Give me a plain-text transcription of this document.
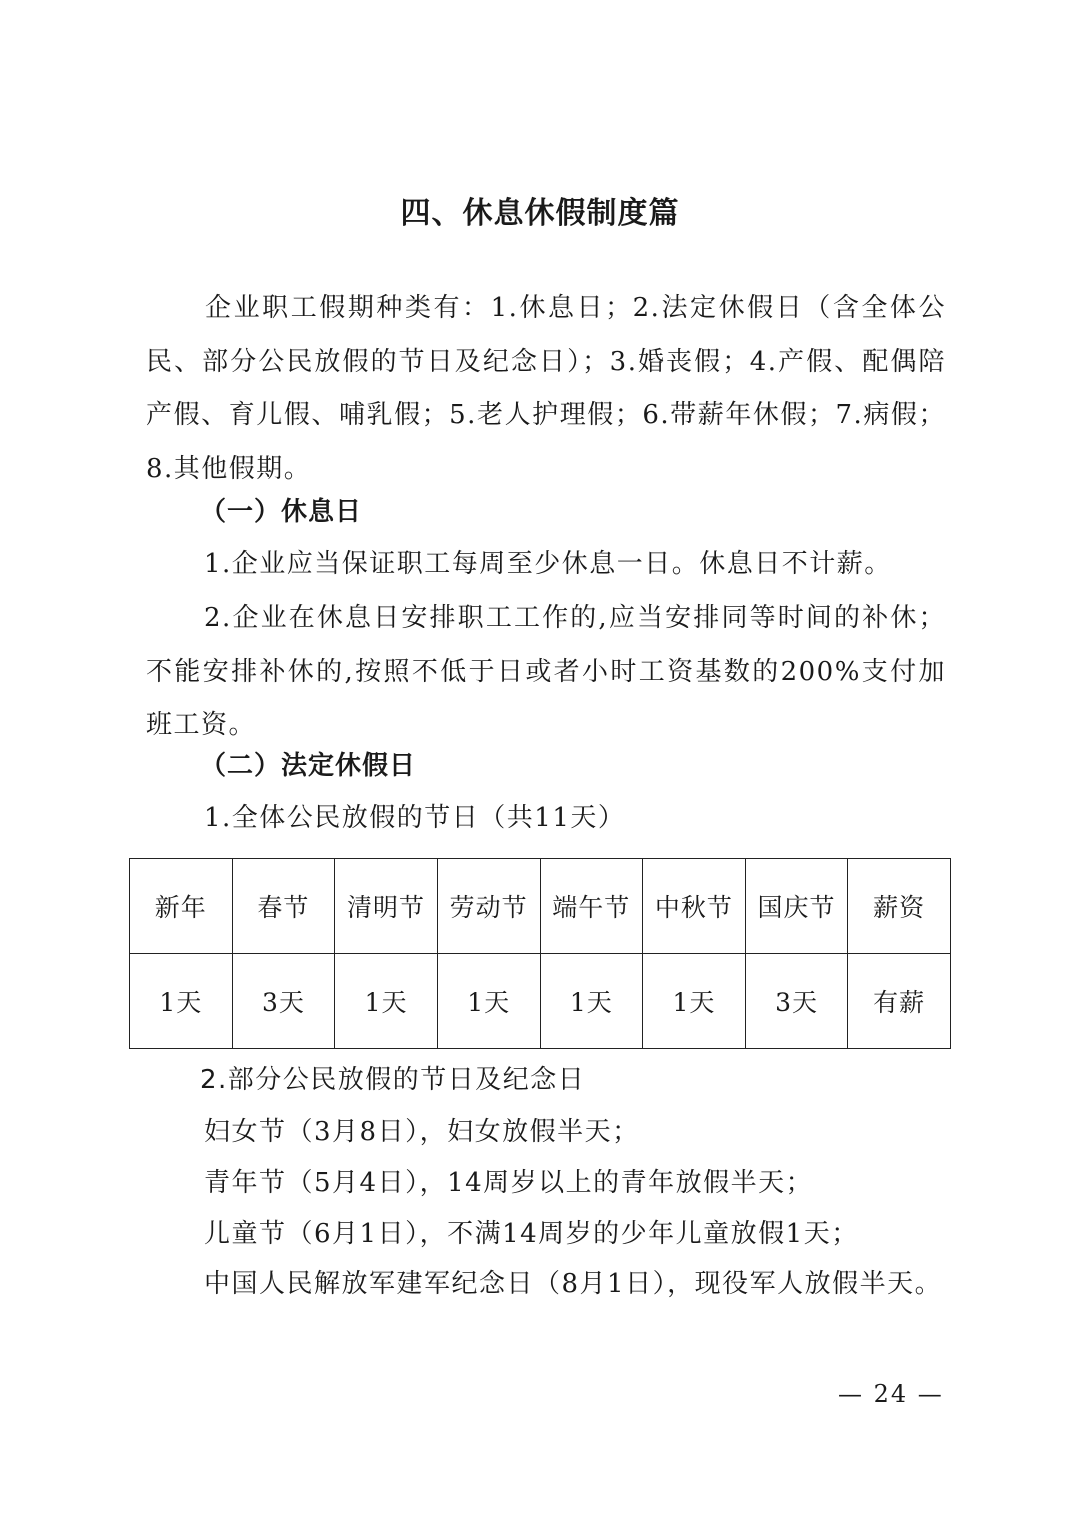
四、休息休假制度篇
企业职工假期种类有：1.休息日；2.法定休假日（含全体公民、部分公民放假的节日及纪念日）；3.婚丧假；4.产假、配偶陪产假、育儿假、哺乳假；5.老人护理假；6.带薪年休假；7.病假；8.其他假期。
（一）休息日
1.企业应当保证职工每周至少休息一日。休息日不计薪。
2.企业在休息日安排职工工作的,应当安排同等时间的补休；不能安排补休的,按照不低于日或者小时工资基数的200%支付加班工资。
（二）法定休假日
1.全体公民放假的节日（共11天）
新年	春节	清明节	劳动节	端午节	中秋节	国庆节	薪资
1天	3天	1天	1天	1天	1天	3天	有薪
2.部分公民放假的节日及纪念日
妇女节（3月8日），妇女放假半天；
青年节（5月4日），14周岁以上的青年放假半天；
儿童节（6月1日），不满14周岁的少年儿童放假1天；
中国人民解放军建军纪念日（8月1日），现役军人放假半天。
— 24 —
